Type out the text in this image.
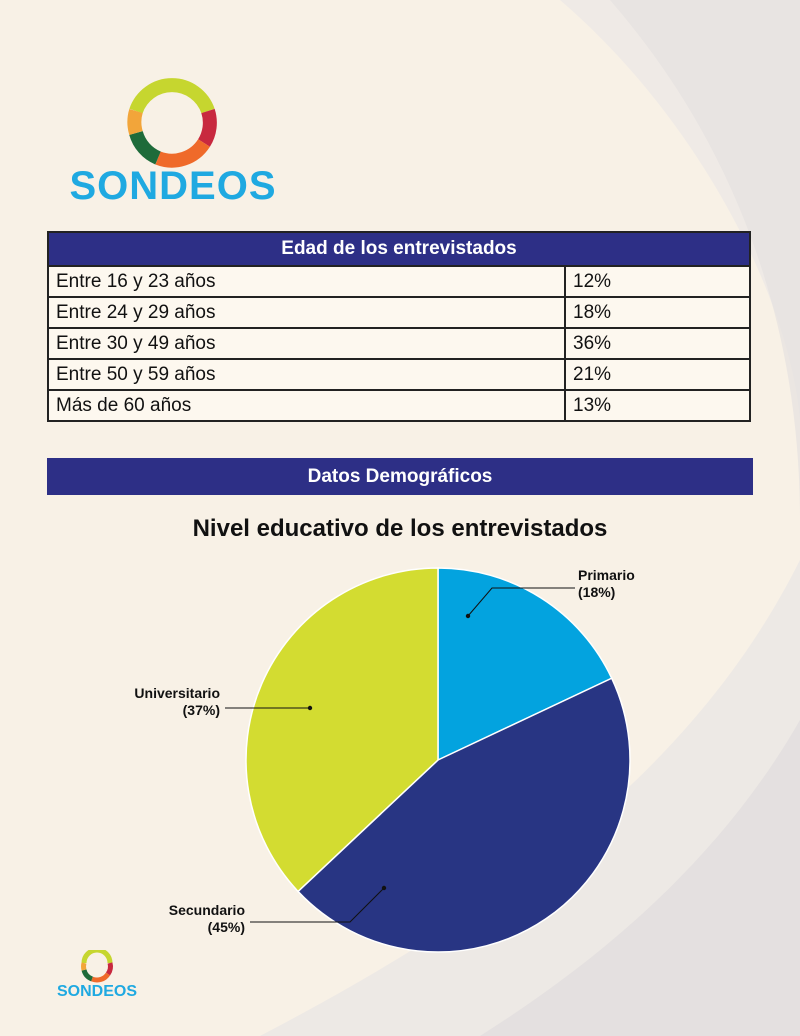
SONDEOS
Edad de los entrevistados	
Entre 16 y 23 años	12%
Entre 24 y 29 años	18%
Entre 30 y 49 años	36%
Entre 50 y 59 años	21%
Más de 60 años	13%
Datos Demográficos
Nivel educativo de los entrevistados
Primario
(18%)
Secundario
(45%)
Universitario
(37%)
SONDEOS
